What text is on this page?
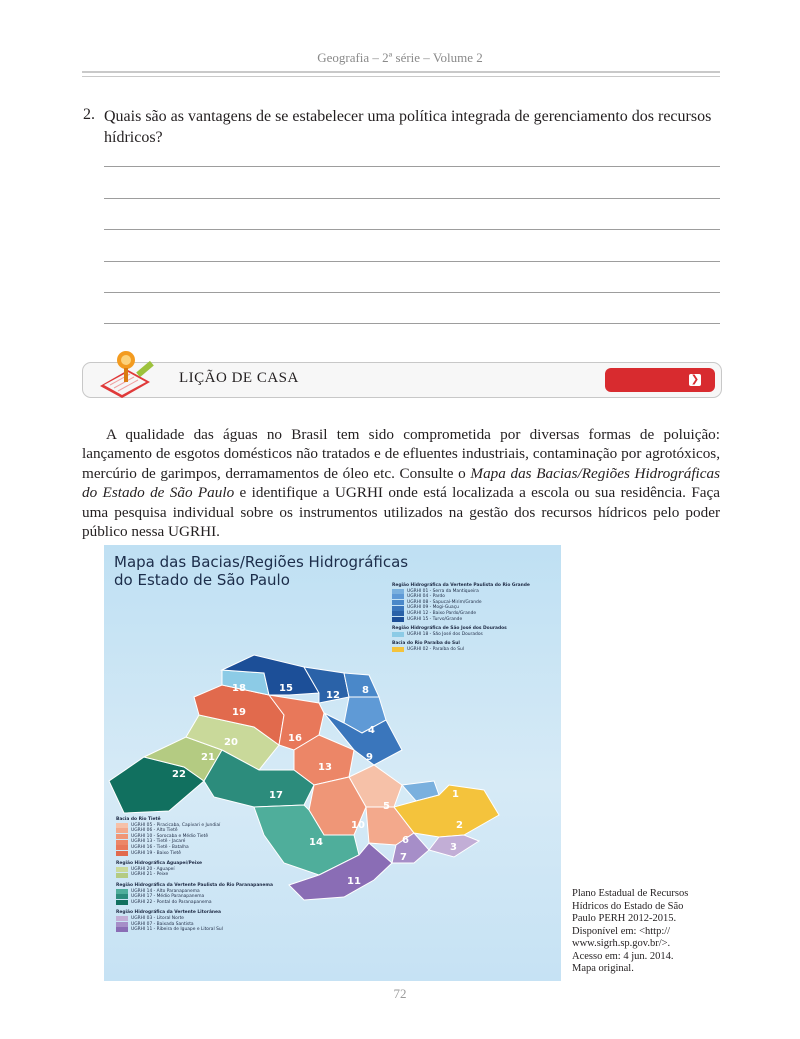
Geografia – 2ª série – Volume 2
2. Quais são as vantagens de se estabelecer uma política integrada de gerenciamento dos recursos hídricos?
LIÇÃO DE CASA	❯

A qualidade das águas no Brasil tem sido comprometida por diversas formas de poluição: lançamento de esgotos domésticos não tratados e de efluentes industriais, contaminação por agrotóxicos, mercúrio de garimpos, derramamentos de óleo etc. Consulte o Mapa das Bacias/Regiões Hidrográficas do Estado de São Paulo e identifique a UGRHI onde está localizada a escola ou sua residência. Faça uma pesquisa individual sobre os instrumentos utilizados na gestão dos recursos hídricos pelo poder público nessa UGRHI.

Mapa das Bacias/Regiões Hidrográficas
do Estado de São Paulo
18	15
12 8
19
16
4
20
21	9
13
22
17
5
1
2
10
6
14	3
7
11
Região Hidrográfica da Vertente Paulista do Rio Grande
UGRHI 01 - Serra da Mantiqueira
UGRHI 04 - Pardo
UGRHI 08 - Sapucaí-Mirim/Grande
UGRHI 09 - Mogi-Guaçu
UGRHI 12 - Baixo Pardo/Grande
UGRHI 15 - Turvo/Grande
Região Hidrográfica de São José dos Dourados
UGRHI 18 - São José dos Dourados
Bacia do Rio Paraíba do Sul
UGRHI 02 - Paraíba do Sul
Bacia do Rio Tietê
UGRHI 05 - Piracicaba, Capivari e Jundiaí
UGRHI 06 - Alto Tietê
UGRHI 10 - Sorocaba e Médio Tietê
UGRHI 13 - Tietê - Jacaré
UGRHI 16 - Tietê - Batalha
UGRHI 19 - Baixo Tietê
Região Hidrográfica Aguapeí/Peixe
UGRHI 20 - Aguapeí
UGRHI 21 - Peixe
Região Hidrográfica da Vertente Paulista do Rio Paranapanema
UGRHI 14 - Alto Paranapanema
UGRHI 17 - Médio Paranapanema
UGRHI 22 - Pontal do Paranapanema
Região Hidrográfica da Vertente Litorânea
UGRHI 03 - Litoral Norte
UGRHI 07 - Baixada Santista
UGRHI 11 - Ribeira de Iguape e Litoral Sul
Plano Estadual de Recursos
Hídricos do Estado de São
Paulo PERH 2012-2015.
Disponível em: <http://
www.sigrh.sp.gov.br/>.
Acesso em: 4 jun. 2014.
Mapa original.
72
